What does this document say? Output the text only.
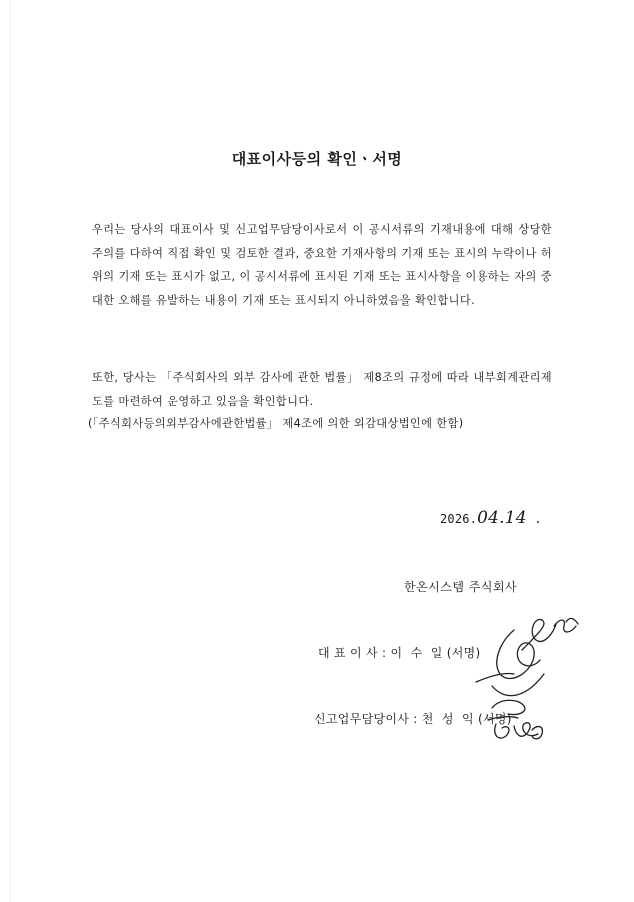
대표이사등의 확인ㆍ서명
우리는 당사의 대표이사 및 신고업무담당이사로서 이 공시서류의 기재내용에 대해 상당한 주의를 다하여 직접 확인 및 검토한 결과, 중요한 기재사항의 기재 또는 표시의 누락이나 허위의 기재 또는 표시가 없고, 이 공시서류에 표시된 기재 또는 표시사항을 이용하는 자의 중대한 오해를 유발하는 내용이 기재 또는 표시되지 아니하였음을 확인합니다.
또한, 당사는 「주식회사의 외부 감사에 관한 법률」 제8조의 규정에 따라 내부회계관리제도를 마련하여 운영하고 있음을 확인합니다.
(「주식회사등의외부감사에관한법률」 제4조에 의한 외감대상법인에 한함)
2026.04.14 .
한온시스템 주식회사
대 표 이 사 : 이  수  일 (서명)
신고업무담당이사 : 천  성  익 (서명)
